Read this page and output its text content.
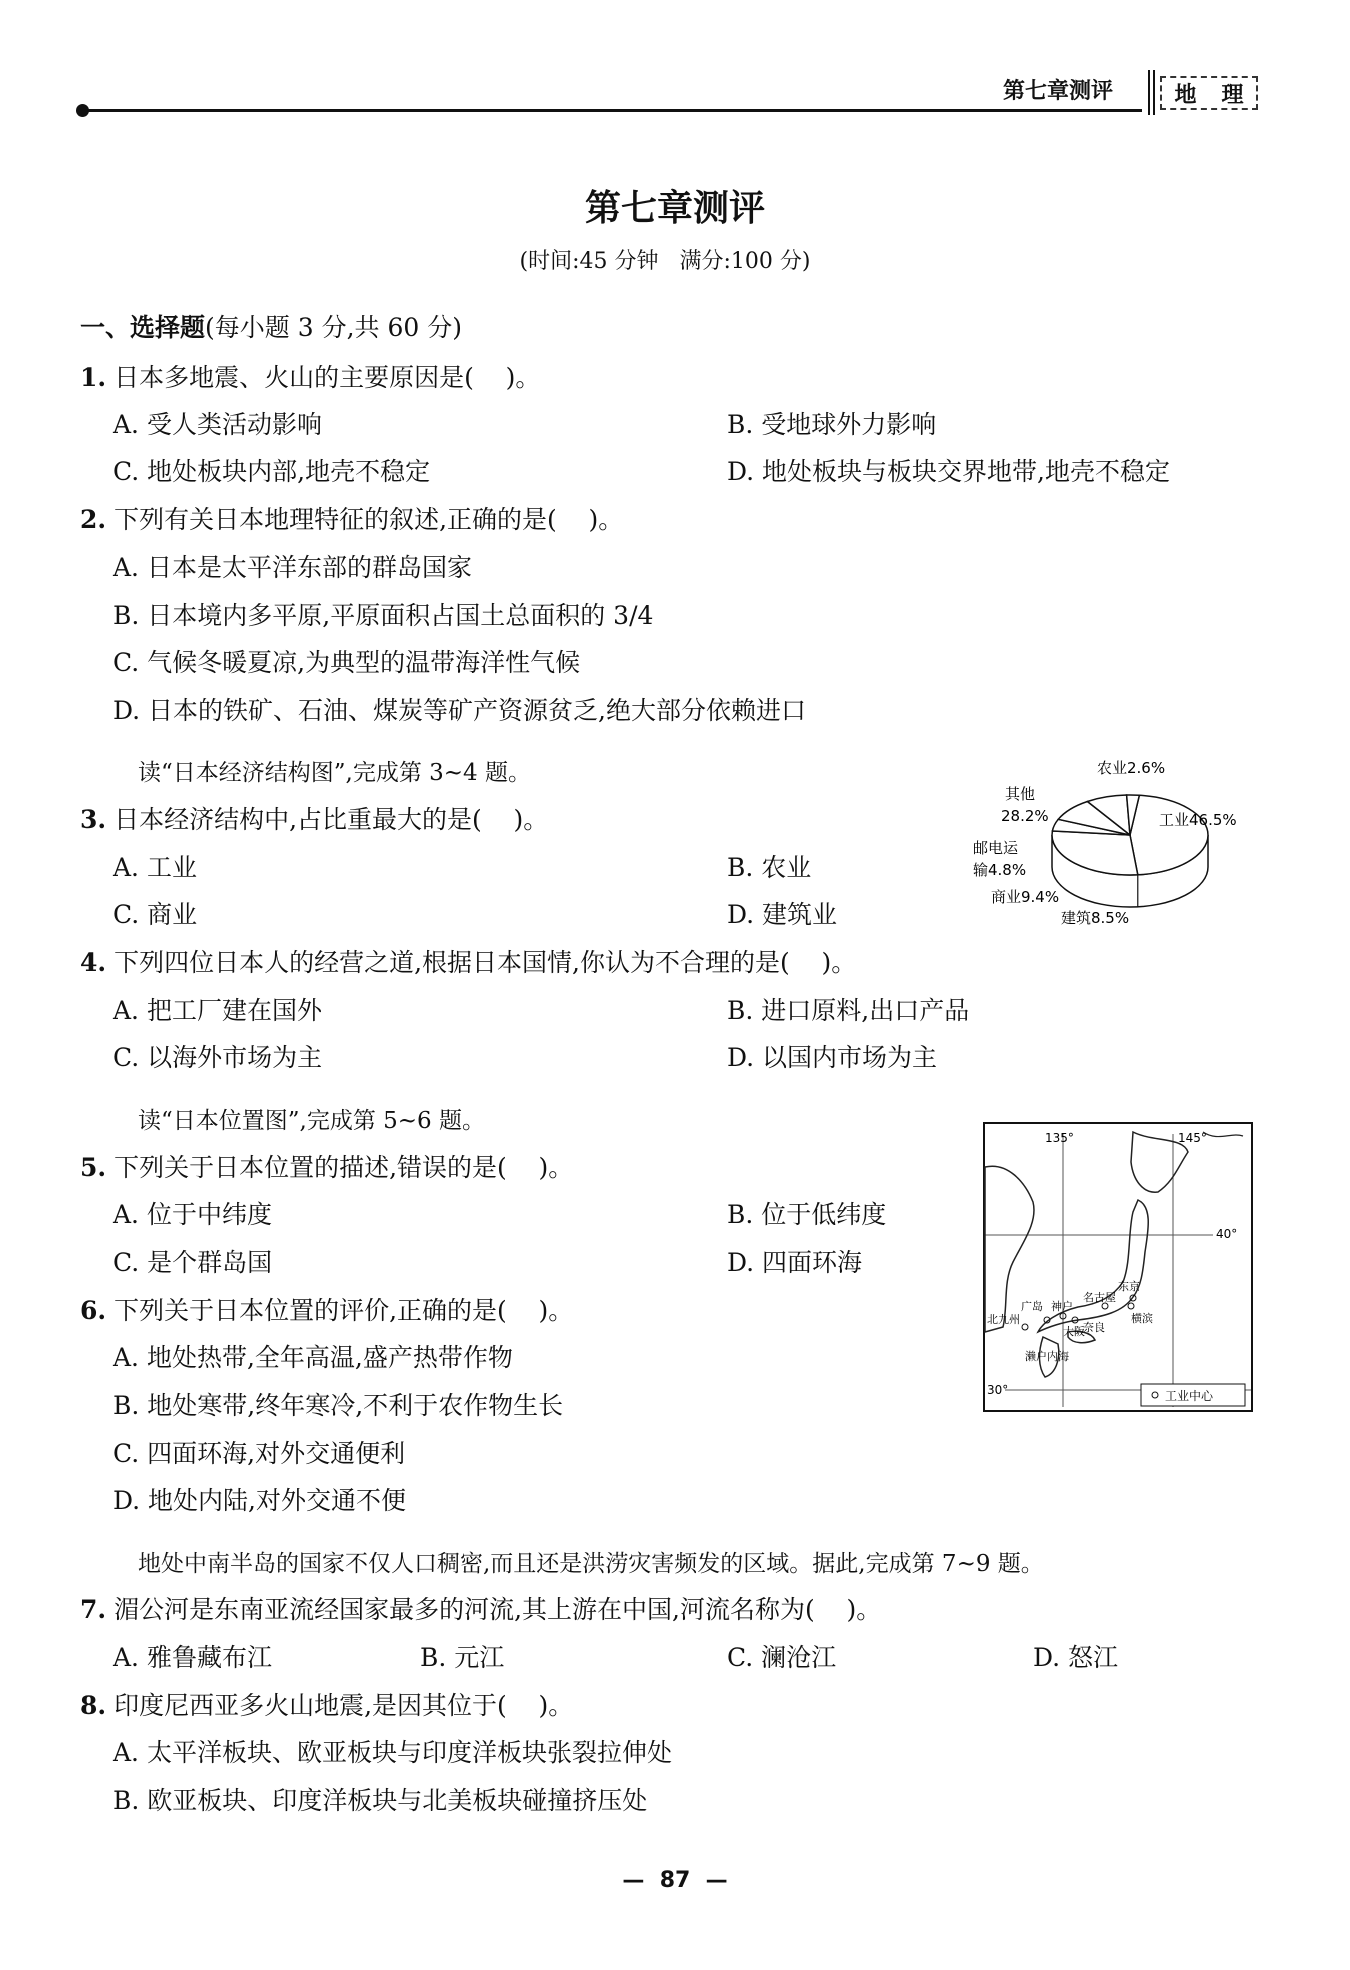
第七章测评	地 理
第七章测评
(时间:45 分钟   满分:100 分)
一、选择题(每小题 3 分,共 60 分)
1. 日本多地震、火山的主要原因是(    )。
A. 受人类活动影响	B. 受地球外力影响
C. 地处板块内部,地壳不稳定	D. 地处板块与板块交界地带,地壳不稳定
2. 下列有关日本地理特征的叙述,正确的是(    )。
A. 日本是太平洋东部的群岛国家
B. 日本境内多平原,平原面积占国土总面积的 3/4
C. 气候冬暖夏凉,为典型的温带海洋性气候
D. 日本的铁矿、石油、煤炭等矿产资源贫乏,绝大部分依赖进口
读“日本经济结构图”,完成第 3~4 题。	农业2.6%
其他
28.2%	工业46.5%
邮电运
输4.8%
商业9.4%
建筑8.5%
3. 日本经济结构中,占比重最大的是(    )。
A. 工业	B. 农业
C. 商业	D. 建筑业
4. 下列四位日本人的经营之道,根据日本国情,你认为不合理的是(    )。
A. 把工厂建在国外	B. 进口原料,出口产品
C. 以海外市场为主	D. 以国内市场为主
读“日本位置图”,完成第 5~6 题。
135°	145°
40°
30°
东京
名古屋
横滨
神户
广岛
北九州
大阪
奈良
濑户内海
工业中心
5. 下列关于日本位置的描述,错误的是(    )。
A. 位于中纬度	B. 位于低纬度
C. 是个群岛国	D. 四面环海
6. 下列关于日本位置的评价,正确的是(    )。
A. 地处热带,全年高温,盛产热带作物
B. 地处寒带,终年寒冷,不利于农作物生长
C. 四面环海,对外交通便利
D. 地处内陆,对外交通不便
地处中南半岛的国家不仅人口稠密,而且还是洪涝灾害频发的区域。据此,完成第 7~9 题。
7. 湄公河是东南亚流经国家最多的河流,其上游在中国,河流名称为(    )。
A. 雅鲁藏布江	B. 元江	C. 澜沧江	D. 怒江
8. 印度尼西亚多火山地震,是因其位于(    )。
A. 太平洋板块、欧亚板块与印度洋板块张裂拉伸处
B. 欧亚板块、印度洋板块与北美板块碰撞挤压处
—  87  —
